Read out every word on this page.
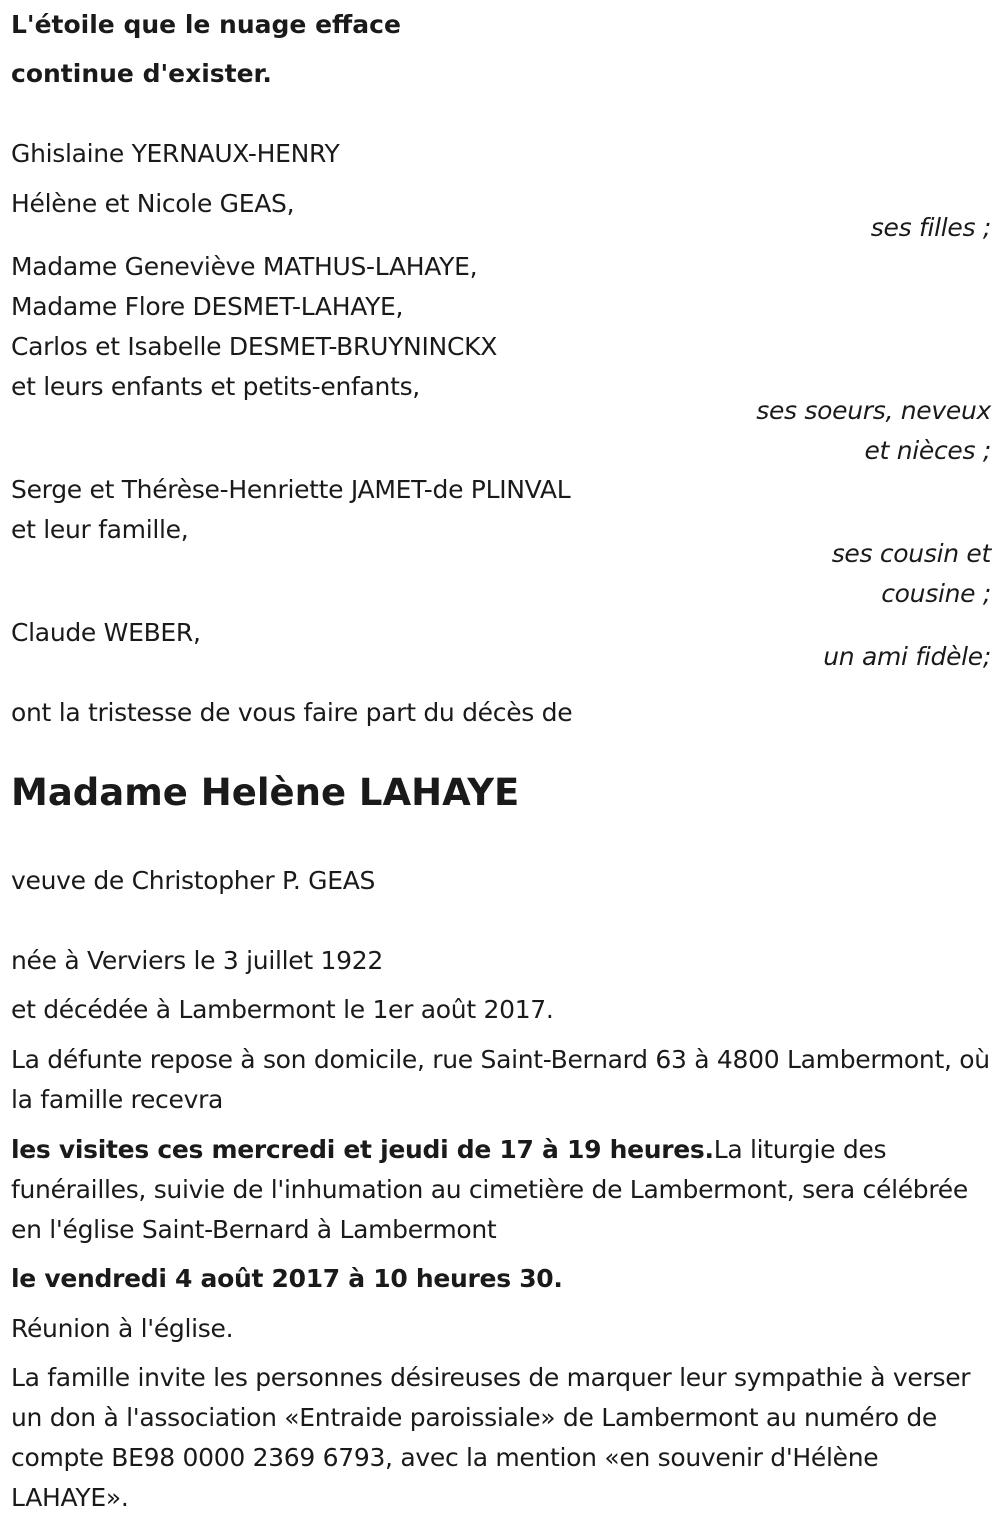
L'étoile que le nuage efface
continue d'exister.
Ghislaine YERNAUX-HENRY
Hélène et Nicole GEAS,
ses filles ;
Madame Geneviève MATHUS-LAHAYE,
Madame Flore DESMET-LAHAYE,
Carlos et Isabelle DESMET-BRUYNINCKX
et leurs enfants et petits-enfants,
ses soeurs, neveux
et nièces ;
Serge et Thérèse-Henriette JAMET-de PLINVAL
et leur famille,
ses cousin et
cousine ;
Claude WEBER,
un ami fidèle;
ont la tristesse de vous faire part du décès de
Madame Helène LAHAYE
veuve de Christopher P. GEAS
née à Verviers le 3 juillet 1922
et décédée à Lambermont le 1er août 2017.
La défunte repose à son domicile, rue Saint-Bernard 63 à 4800 Lambermont, où la famille recevra
les visites ces mercredi et jeudi de 17 à 19 heures.La liturgie des funérailles, suivie de l'inhumation au cimetière de Lambermont, sera célébrée en l'église Saint-Bernard à Lambermont
le vendredi 4 août 2017 à 10 heures 30.
Réunion à l'église.
La famille invite les personnes désireuses de marquer leur sympathie à verser un don à l'association «Entraide paroissiale» de Lambermont au numéro de compte BE98 0000 2369 6793, avec la mention «en souvenir d'Hélène LAHAYE».
